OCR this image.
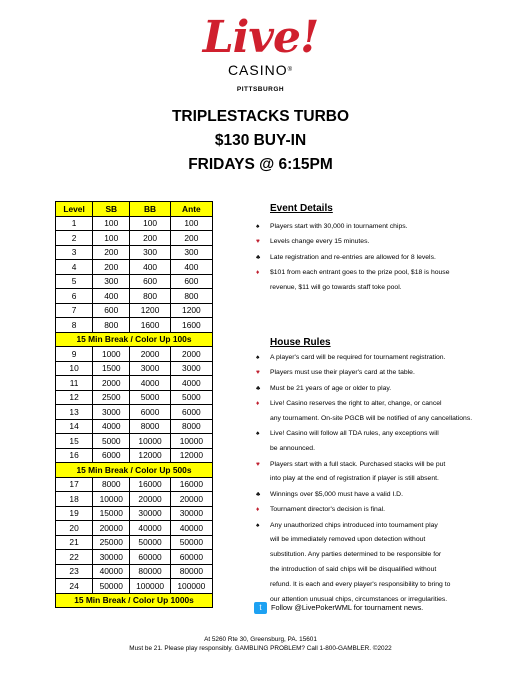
Live!
CASINO®
PITTSBURGH
TRIPLESTACKS TURBO
$130 BUY-IN
FRIDAYS @ 6:15PM
Level	SB	BB	Ante
1	100	100	100
2	100	200	200
3	200	300	300
4	200	400	400
5	300	600	600
6	400	800	800
7	600	1200	1200
8	800	1600	1600
15 Min Break / Color Up 100s			
9	1000	2000	2000
10	1500	3000	3000
11	2000	4000	4000
12	2500	5000	5000
13	3000	6000	6000
14	4000	8000	8000
15	5000	10000	10000
16	6000	12000	12000
15 Min Break / Color Up 500s			
17	8000	16000	16000
18	10000	20000	20000
19	15000	30000	30000
20	20000	40000	40000
21	25000	50000	50000
22	30000	60000	60000
23	40000	80000	80000
24	50000	100000	100000
15 Min Break / Color Up 1000s			
Event Details
♠	Players start with 30,000 in tournament chips.
♥	Levels change every 15 minutes.
♣	Late registration and re-entries are allowed for 8 levels.
♦	$101 from each entrant goes to the prize pool, $18 is house
revenue, $11 will go towards staff toke pool.
House Rules
♠	A player's card will be required for tournament registration.
♥	Players must use their player's card at the table.
♣	Must be 21 years of age or older to play.
♦	Live! Casino reserves the right to alter, change, or cancel
any tournament. On-site PGCB will be notified of any cancellations.
♠	Live! Casino will follow all TDA rules, any exceptions will
be announced.
♥	Players start with a full stack. Purchased stacks will be put
into play at the end of registration if player is still absent.
♣	Winnings over $5,000 must have a valid I.D.
♦	Tournament director's decision is final.
♠	Any unauthorized chips introduced into tournament play
will be immediately removed upon detection without
substitution. Any parties determined to be responsible for
the introduction of said chips will be disqualified without
refund. It is each and every player's responsibility to bring to
our attention unusual chips, circumstances or irregularities.
t	Follow @LivePokerWML for tournament news.
At 5260 Rte 30, Greensburg, PA. 15601
Must be 21. Please play responsibly. GAMBLING PROBLEM? Call 1-800-GAMBLER. ©2022
